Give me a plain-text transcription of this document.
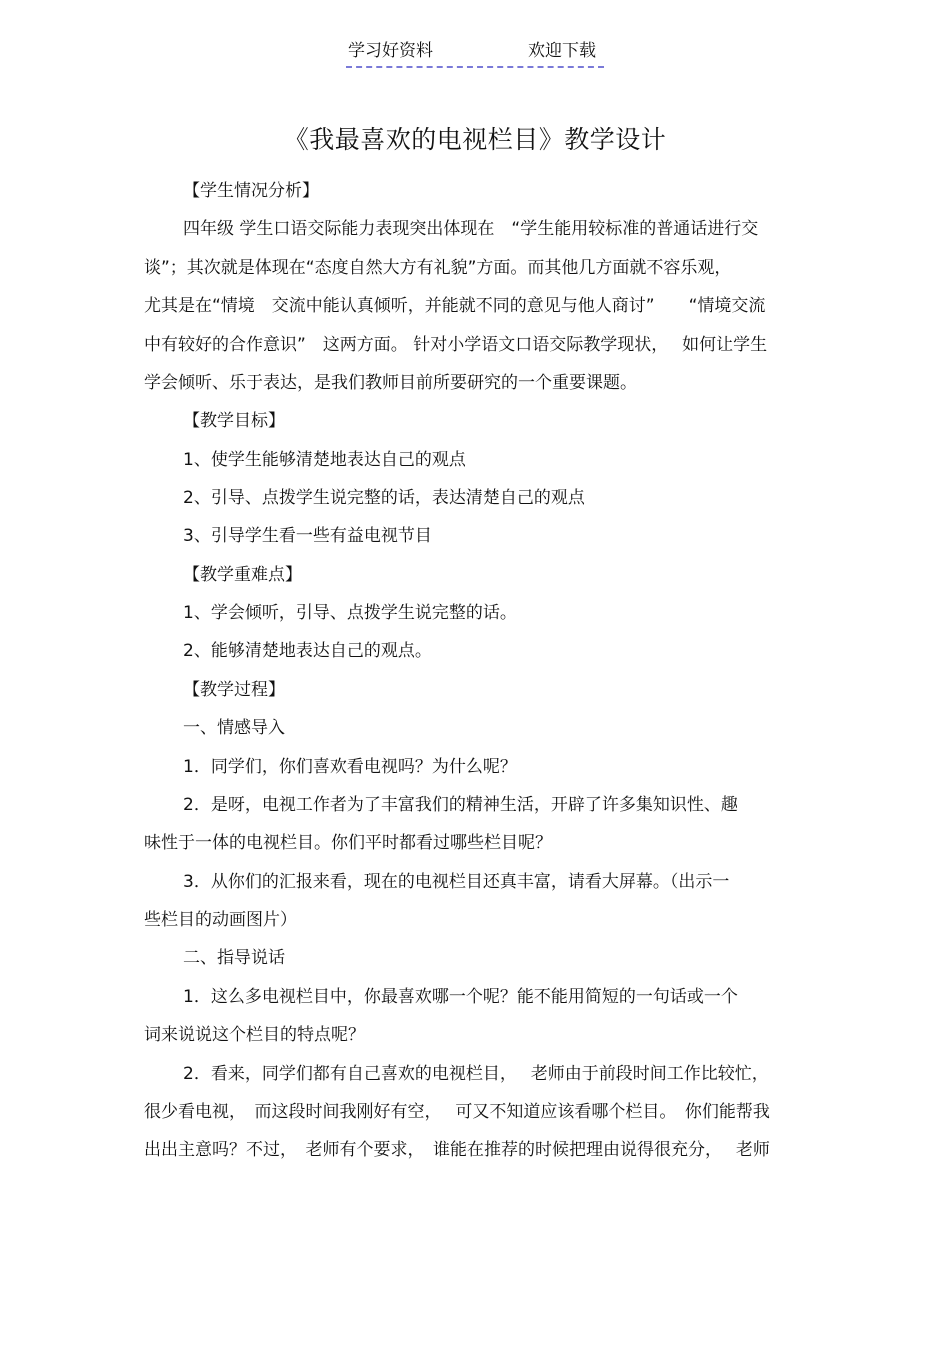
学习好资料	欢迎下载
《我最喜欢的电视栏目》教学设计
【学生情况分析】
四年级 学生口语交际能力表现突出体现在　“学生能用较标准的普通话进行交
谈”；其次就是体现在“态度自然大方有礼貌”方面。而其他几方面就不容乐观，
尤其是在“情境　交流中能认真倾听，并能就不同的意见与他人商讨”　　“情境交流
中有较好的合作意识”　这两方面。 针对小学语文口语交际教学现状，　 如何让学生
学会倾听、乐于表达，是我们教师目前所要研究的一个重要课题。
【教学目标】
1、使学生能够清楚地表达自己的观点
2、引导、点拨学生说完整的话，表达清楚自己的观点
3、引导学生看一些有益电视节目
【教学重难点】
1、学会倾听，引导、点拨学生说完整的话。
2、能够清楚地表达自己的观点。
【教学过程】
一、情感导入
1．同学们，你们喜欢看电视吗？为什么呢？
2．是呀，电视工作者为了丰富我们的精神生活，开辟了许多集知识性、趣
味性于一体的电视栏目。你们平时都看过哪些栏目呢？
3．从你们的汇报来看，现在的电视栏目还真丰富，请看大屏幕。（出示一
些栏目的动画图片）
二、指导说话
1．这么多电视栏目中，你最喜欢哪一个呢？能不能用简短的一句话或一个
词来说说这个栏目的特点呢？
2．看来，同学们都有自己喜欢的电视栏目，　 老师由于前段时间工作比较忙，
很少看电视，　而这段时间我刚好有空，　 可又不知道应该看哪个栏目。　你们能帮我
出出主意吗？不过，　老师有个要求，　谁能在推荐的时候把理由说得很充分，　 老师
